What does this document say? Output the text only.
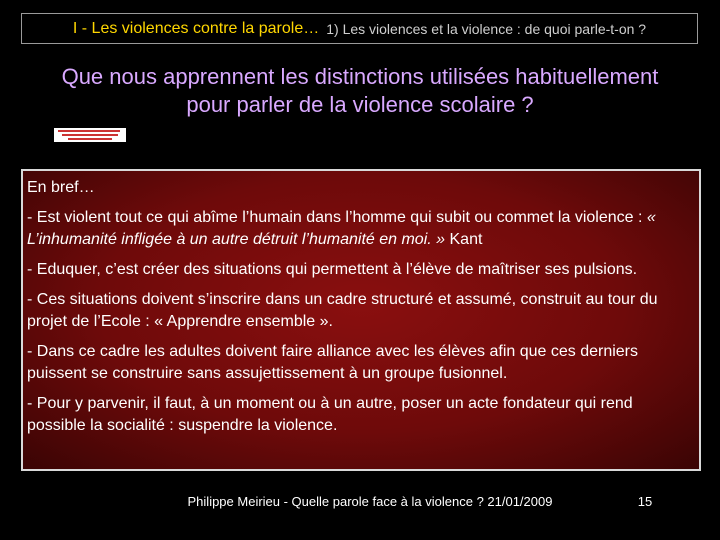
I - Les violences contre la parole… 1) Les violences et la violence : de quoi parle-t-on ?
Que nous apprennent les distinctions utilisées habituellement pour parler de la violence scolaire ?

En bref…

- Est violent tout ce qui abîme l’humain dans l’homme qui subit ou commet la violence : « L’inhumanité infligée à un autre détruit l’humanité en moi. » Kant

- Eduquer, c’est créer des situations qui permettent à l’élève de maîtriser ses pulsions.

- Ces situations doivent s’inscrire dans un cadre structuré et assumé, construit au tour du projet de l’Ecole : « Apprendre ensemble ».

- Dans ce cadre les adultes doivent faire alliance avec les élèves afin que ces derniers puissent se construire sans assujettissement à un groupe fusionnel.

- Pour y parvenir, il faut, à un moment ou à un autre, poser un acte fondateur qui rend possible la socialité : suspendre la violence.

Philippe Meirieu - Quelle parole face à la violence ? 21/01/2009	15
